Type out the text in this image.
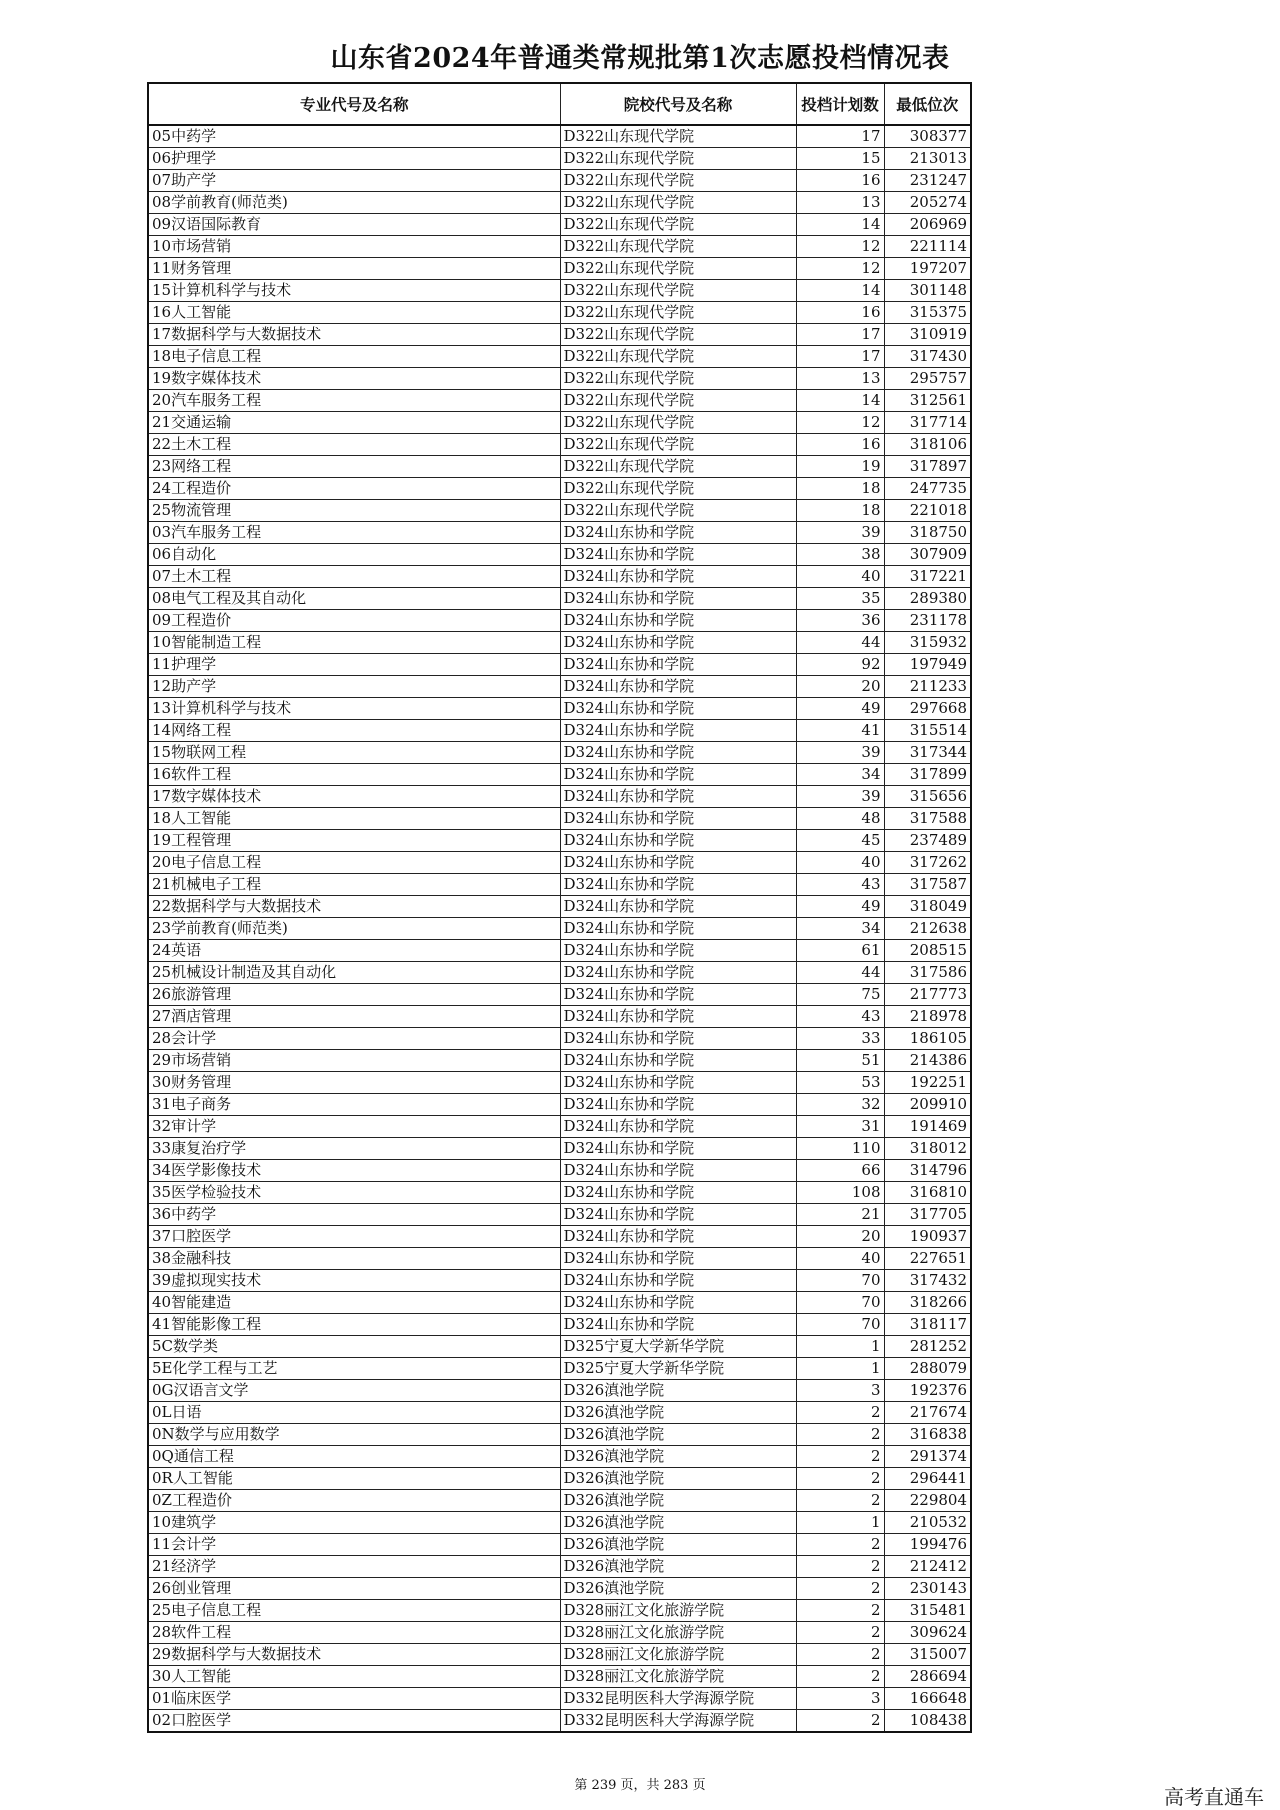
山东省2024年普通类常规批第1次志愿投档情况表
专业代号及名称	院校代号及名称	投档计划数	最低位次
05中药学	D322山东现代学院	17	308377
06护理学	D322山东现代学院	15	213013
07助产学	D322山东现代学院	16	231247
08学前教育(师范类)	D322山东现代学院	13	205274
09汉语国际教育	D322山东现代学院	14	206969
10市场营销	D322山东现代学院	12	221114
11财务管理	D322山东现代学院	12	197207
15计算机科学与技术	D322山东现代学院	14	301148
16人工智能	D322山东现代学院	16	315375
17数据科学与大数据技术	D322山东现代学院	17	310919
18电子信息工程	D322山东现代学院	17	317430
19数字媒体技术	D322山东现代学院	13	295757
20汽车服务工程	D322山东现代学院	14	312561
21交通运输	D322山东现代学院	12	317714
22土木工程	D322山东现代学院	16	318106
23网络工程	D322山东现代学院	19	317897
24工程造价	D322山东现代学院	18	247735
25物流管理	D322山东现代学院	18	221018
03汽车服务工程	D324山东协和学院	39	318750
06自动化	D324山东协和学院	38	307909
07土木工程	D324山东协和学院	40	317221
08电气工程及其自动化	D324山东协和学院	35	289380
09工程造价	D324山东协和学院	36	231178
10智能制造工程	D324山东协和学院	44	315932
11护理学	D324山东协和学院	92	197949
12助产学	D324山东协和学院	20	211233
13计算机科学与技术	D324山东协和学院	49	297668
14网络工程	D324山东协和学院	41	315514
15物联网工程	D324山东协和学院	39	317344
16软件工程	D324山东协和学院	34	317899
17数字媒体技术	D324山东协和学院	39	315656
18人工智能	D324山东协和学院	48	317588
19工程管理	D324山东协和学院	45	237489
20电子信息工程	D324山东协和学院	40	317262
21机械电子工程	D324山东协和学院	43	317587
22数据科学与大数据技术	D324山东协和学院	49	318049
23学前教育(师范类)	D324山东协和学院	34	212638
24英语	D324山东协和学院	61	208515
25机械设计制造及其自动化	D324山东协和学院	44	317586
26旅游管理	D324山东协和学院	75	217773
27酒店管理	D324山东协和学院	43	218978
28会计学	D324山东协和学院	33	186105
29市场营销	D324山东协和学院	51	214386
30财务管理	D324山东协和学院	53	192251
31电子商务	D324山东协和学院	32	209910
32审计学	D324山东协和学院	31	191469
33康复治疗学	D324山东协和学院	110	318012
34医学影像技术	D324山东协和学院	66	314796
35医学检验技术	D324山东协和学院	108	316810
36中药学	D324山东协和学院	21	317705
37口腔医学	D324山东协和学院	20	190937
38金融科技	D324山东协和学院	40	227651
39虚拟现实技术	D324山东协和学院	70	317432
40智能建造	D324山东协和学院	70	318266
41智能影像工程	D324山东协和学院	70	318117
5C数学类	D325宁夏大学新华学院	1	281252
5E化学工程与工艺	D325宁夏大学新华学院	1	288079
0G汉语言文学	D326滇池学院	3	192376
0L日语	D326滇池学院	2	217674
0N数学与应用数学	D326滇池学院	2	316838
0Q通信工程	D326滇池学院	2	291374
0R人工智能	D326滇池学院	2	296441
0Z工程造价	D326滇池学院	2	229804
10建筑学	D326滇池学院	1	210532
11会计学	D326滇池学院	2	199476
21经济学	D326滇池学院	2	212412
26创业管理	D326滇池学院	2	230143
25电子信息工程	D328丽江文化旅游学院	2	315481
28软件工程	D328丽江文化旅游学院	2	309624
29数据科学与大数据技术	D328丽江文化旅游学院	2	315007
30人工智能	D328丽江文化旅游学院	2	286694
01临床医学	D332昆明医科大学海源学院	3	166648
02口腔医学	D332昆明医科大学海源学院	2	108438
第 239 页，共 283 页	高考直通车
